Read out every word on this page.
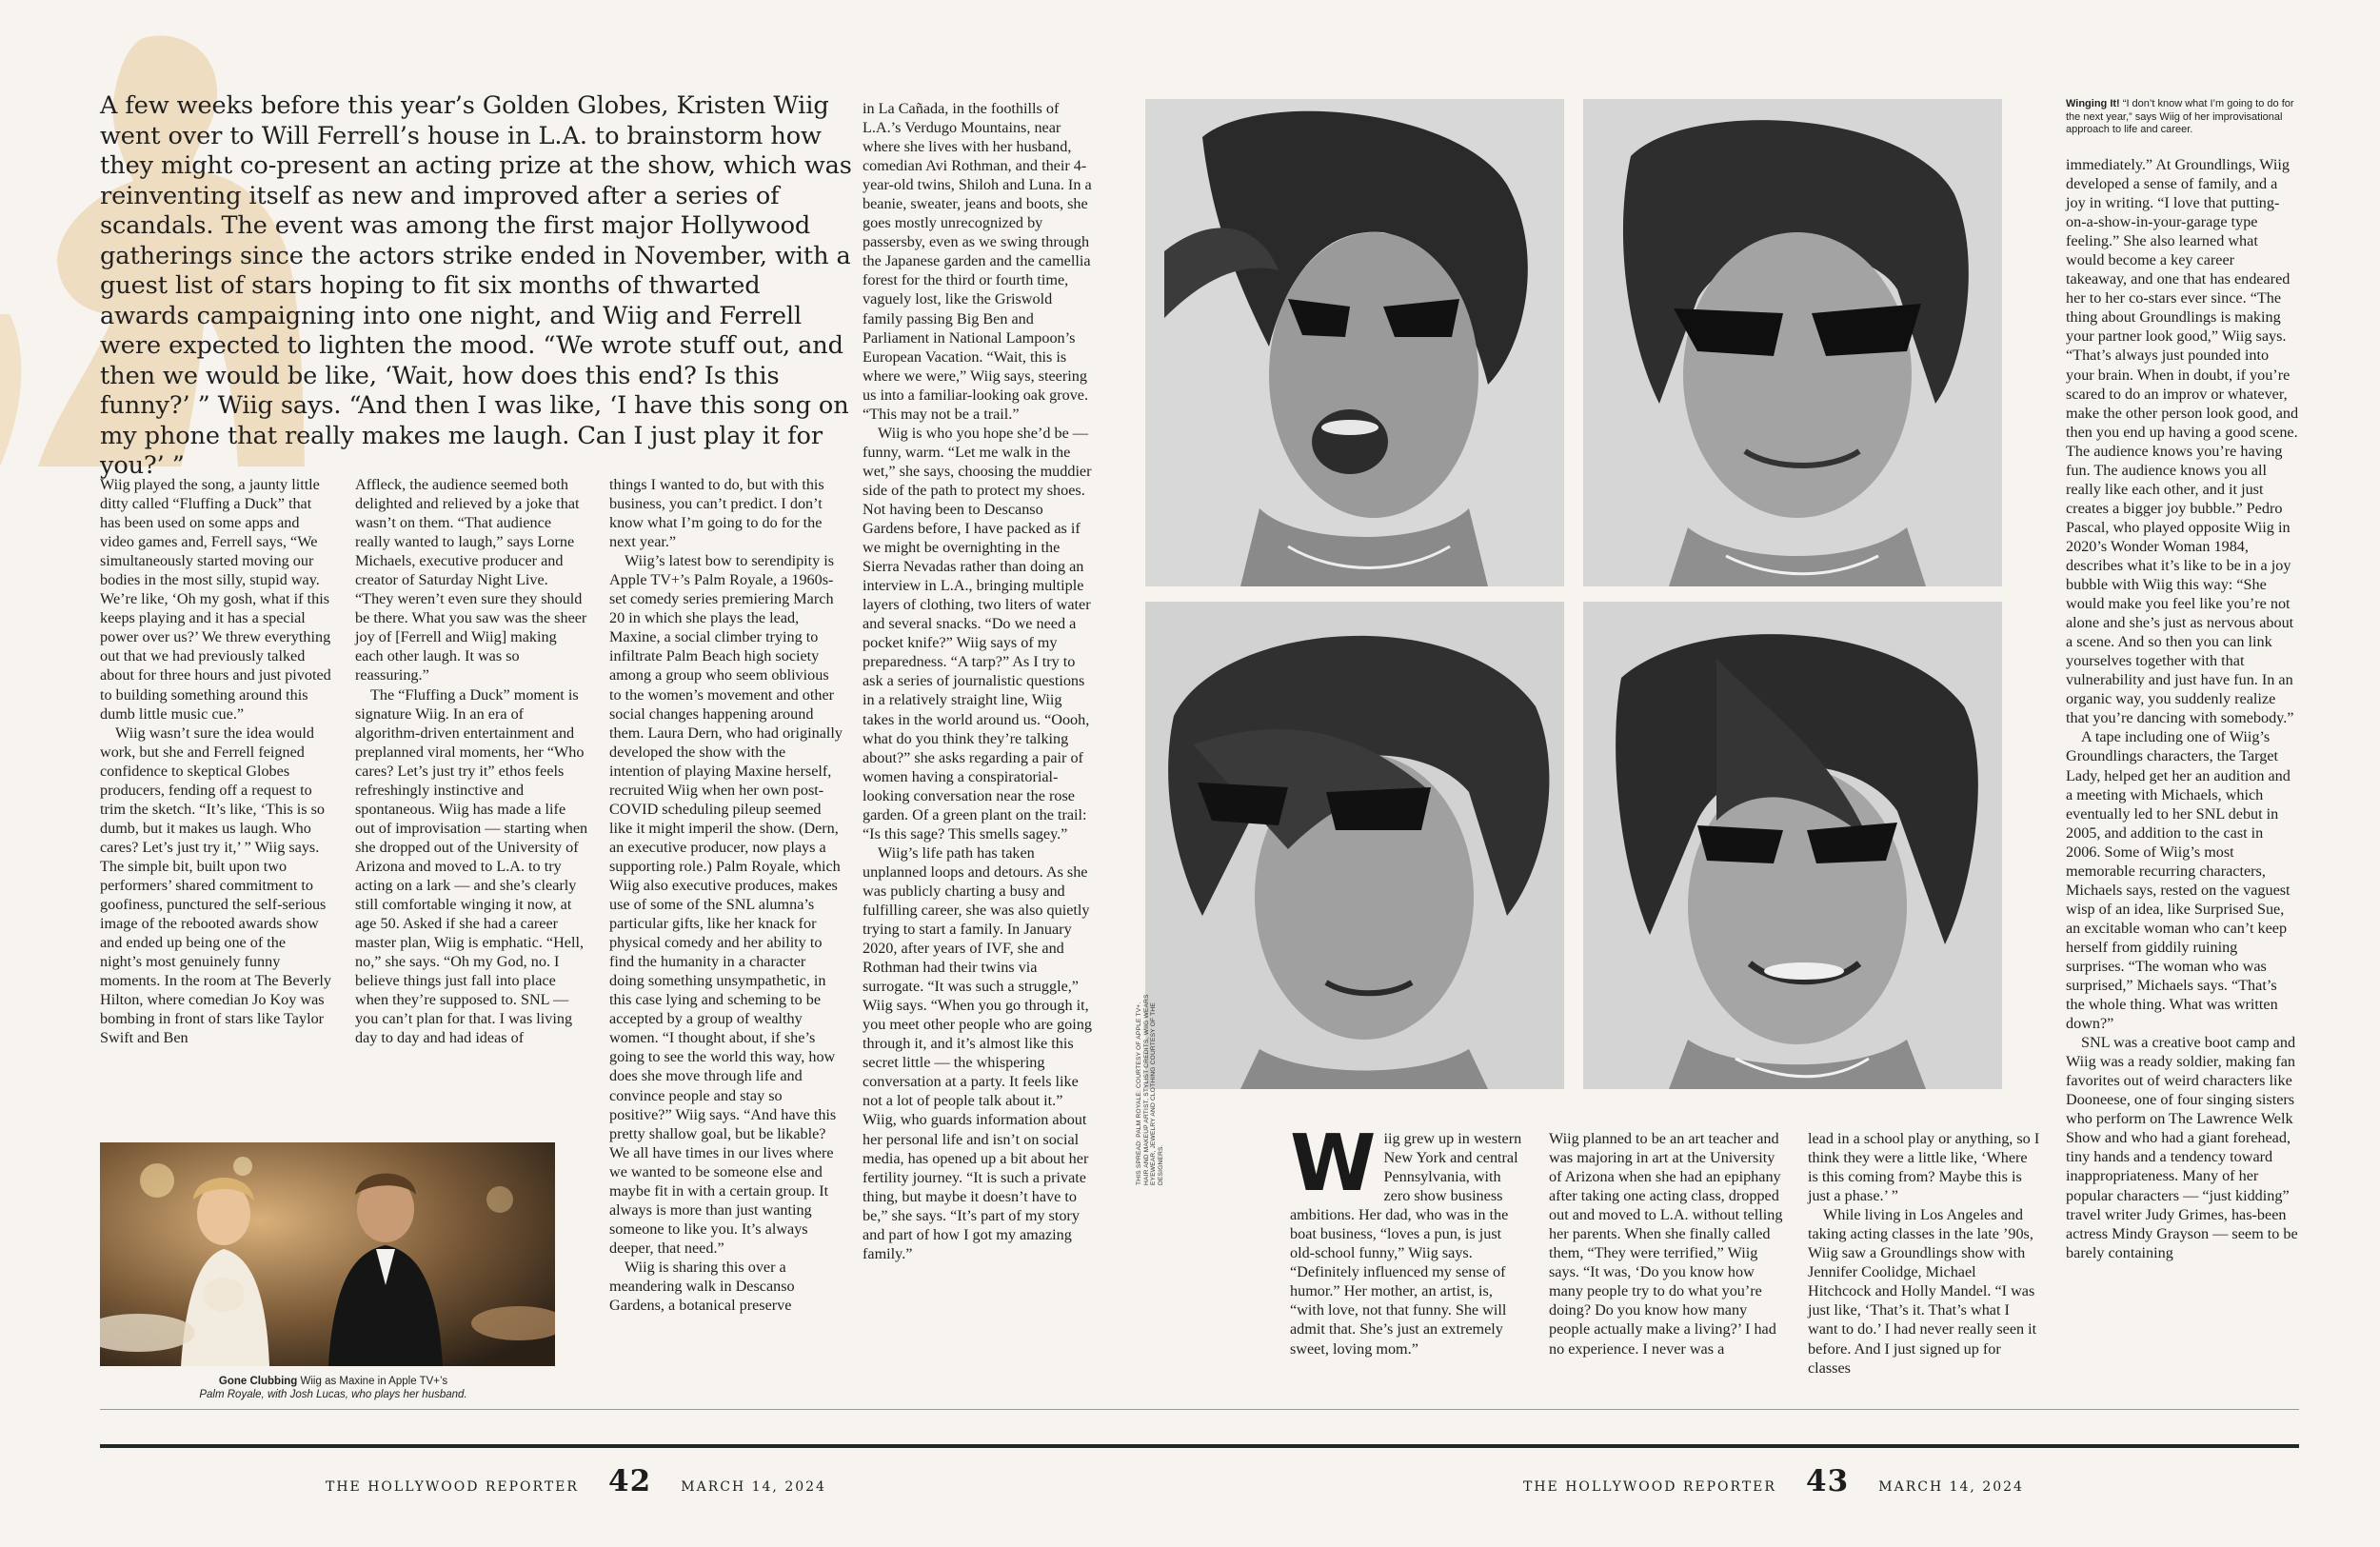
A few weeks before this year’s Golden Globes, Kristen Wiig went over to Will Ferrell’s house in L.A. to brainstorm how they might co-present an acting prize at the show, which was reinventing itself as new and improved after a series of scandals. The event was among the first major Hollywood gatherings since the actors strike ended in November, with a guest list of stars hoping to fit six months of thwarted awards campaigning into one night, and Wiig and Ferrell were expected to lighten the mood. “We wrote stuff out, and then we would be like, ‘Wait, how does this end? Is this funny?’ ” Wiig says. “And then I was like, ‘I have this song on my phone that really makes me laugh. Can I just play it for you?’ ”

Wiig played the song, a jaunty little ditty called “Fluffing a Duck” that has been used on some apps and video games and, Ferrell says, “We simultaneously started moving our bodies in the most silly, stupid way. We’re like, ‘Oh my gosh, what if this keeps playing and it has a special power over us?’ We threw everything out that we had previously talked about for three hours and just pivoted to building something around this dumb little music cue.”

Wiig wasn’t sure the idea would work, but she and Ferrell feigned confidence to skeptical Globes producers, fending off a request to trim the sketch. “It’s like, ‘This is so dumb, but it makes us laugh. Who cares? Let’s just try it,’ ” Wiig says. The simple bit, built upon two performers’ shared commitment to goofiness, punctured the self-serious image of the rebooted awards show and ended up being one of the night’s most genuinely funny moments. In the room at The Beverly Hilton, where comedian Jo Koy was bombing in front of stars like Taylor Swift and Ben

Affleck, the audience seemed both delighted and relieved by a joke that wasn’t on them. “That audience really wanted to laugh,” says Lorne Michaels, executive producer and creator of Saturday Night Live. “They weren’t even sure they should be there. What you saw was the sheer joy of [Ferrell and Wiig] making each other laugh. It was so reassuring.”

The “Fluffing a Duck” moment is signature Wiig. In an era of algorithm-driven entertainment and preplanned viral moments, her “Who cares? Let’s just try it” ethos feels refreshingly instinctive and spontaneous. Wiig has made a life out of improvisation — starting when she dropped out of the University of Arizona and moved to L.A. to try acting on a lark — and she’s clearly still comfortable winging it now, at age 50. Asked if she had a career master plan, Wiig is emphatic. “Hell, no,” she says. “Oh my God, no. I believe things just fall into place when they’re supposed to. SNL — you can’t plan for that. I was living day to day and had ideas of

things I wanted to do, but with this business, you can’t predict. I don’t know what I’m going to do for the next year.”

Wiig’s latest bow to serendipity is Apple TV+’s Palm Royale, a 1960s-set comedy series premiering March 20 in which she plays the lead, Maxine, a social climber trying to infiltrate Palm Beach high society among a group who seem oblivious to the women’s movement and other social changes happening around them. Laura Dern, who had originally developed the show with the intention of playing Maxine herself, recruited Wiig when her own post-COVID scheduling pileup seemed like it might imperil the show. (Dern, an executive producer, now plays a supporting role.) Palm Royale, which Wiig also executive produces, makes use of some of the SNL alumna’s particular gifts, like her knack for physical comedy and her ability to find the humanity in a character doing something unsympathetic, in this case lying and scheming to be accepted by a group of wealthy women. “I thought about, if she’s going to see the world this way, how does she move through life and convince people and stay so positive?” Wiig says. “And have this pretty shallow goal, but be likable? We all have times in our lives where we wanted to be someone else and maybe fit in with a certain group. It always is more than just wanting someone to like you. It’s always deeper, that need.”

Wiig is sharing this over a meandering walk in Descanso Gardens, a botanical preserve

in La Cañada, in the foothills of L.A.’s Verdugo Mountains, near where she lives with her husband, comedian Avi Rothman, and their 4-year-old twins, Shiloh and Luna. In a beanie, sweater, jeans and boots, she goes mostly unrecognized by passersby, even as we swing through the Japanese garden and the camellia forest for the third or fourth time, vaguely lost, like the Griswold family passing Big Ben and Parliament in National Lampoon’s European Vacation. “Wait, this is where we were,” Wiig says, steering us into a familiar-looking oak grove. “This may not be a trail.”

Wiig is who you hope she’d be — funny, warm. “Let me walk in the wet,” she says, choosing the muddier side of the path to protect my shoes. Not having been to Descanso Gardens before, I have packed as if we might be overnighting in the Sierra Nevadas rather than doing an interview in L.A., bringing multiple layers of clothing, two liters of water and several snacks. “Do we need a pocket knife?” Wiig says of my preparedness. “A tarp?” As I try to ask a series of journalistic questions in a relatively straight line, Wiig takes in the world around us. “Oooh, what do you think they’re talking about?” she asks regarding a pair of women having a conspiratorial-looking conversation near the rose garden. Of a green plant on the trail: “Is this sage? This smells sagey.”

Wiig’s life path has taken unplanned loops and detours. As she was publicly charting a busy and fulfilling career, she was also quietly trying to start a family. In January 2020, after years of IVF, she and Rothman had their twins via surrogate. “It was such a struggle,” Wiig says. “When you go through it, you meet other people who are going through it, and it’s almost like this secret little — the whispering conversation at a party. It feels like not a lot of people talk about it.” Wiig, who guards information about her personal life and isn’t on social media, has opened up a bit about her fertility journey. “It is such a private thing, but maybe it doesn’t have to be,” she says. “It’s part of my story and part of how I got my amazing family.”

Gone Clubbing Wiig as Maxine in Apple TV+’s
Palm Royale, with Josh Lucas, who plays her husband.
THIS SPREAD: PALM ROYALE: COURTESY OF APPLE TV+. HAIR AND MAKEUP ARTIST, STYLIST CREDITS, WIIG WEARS EYEWEAR, JEWELRY AND CLOTHING COURTESY OF THE DESIGNERS. Wiig grew up in western New York and central Pennsylvania, with zero show business ambitions. Her dad, who was in the boat business, “loves a pun, is just old-school funny,” Wiig says. “Definitely influenced my sense of humor.” Her mother, an artist, is, “with love, not that funny. She will admit that. She’s just an extremely sweet, loving mom.”

Wiig planned to be an art teacher and was majoring in art at the University of Arizona when she had an epiphany after taking one acting class, dropped out and moved to L.A. without telling her parents. When she finally called them, “They were terrified,” Wiig says. “It was, ‘Do you know how many people try to do what you’re doing? Do you know how many people actually make a living?’ I had no experience. I never was a

lead in a school play or anything, so I think they were a little like, ‘Where is this coming from? Maybe this is just a phase.’ ”

While living in Los Angeles and taking acting classes in the late ’90s, Wiig saw a Groundlings show with Jennifer Coolidge, Michael Hitchcock and Holly Mandel. “I was just like, ‘That’s it. That’s what I want to do.’ I had never really seen it before. And I just signed up for classes

Winging It! “I don’t know what I’m going to do for the next year,” says Wiig of her improvisational approach to life and career.

immediately.” At Groundlings, Wiig developed a sense of family, and a joy in writing. “I love that putting-on-a-show-in-your-garage type feeling.” She also learned what would become a key career takeaway, and one that has endeared her to her co-stars ever since. “The thing about Groundlings is making your partner look good,” Wiig says. “That’s always just pounded into your brain. When in doubt, if you’re scared to do an improv or whatever, make the other person look good, and then you end up having a good scene. The audience knows you’re having fun. The audience knows you all really like each other, and it just creates a bigger joy bubble.” Pedro Pascal, who played opposite Wiig in 2020’s Wonder Woman 1984, describes what it’s like to be in a joy bubble with Wiig this way: “She would make you feel like you’re not alone and she’s just as nervous about a scene. And so then you can link yourselves together with that vulnerability and just have fun. In an organic way, you suddenly realize that you’re dancing with somebody.”

A tape including one of Wiig’s Groundlings characters, the Target Lady, helped get her an audition and a meeting with Michaels, which eventually led to her SNL debut in 2005, and addition to the cast in 2006. Some of Wiig’s most memorable recurring characters, Michaels says, rested on the vaguest wisp of an idea, like Surprised Sue, an excitable woman who can’t keep herself from giddily ruining surprises. “The woman who was surprised,” Michaels says. “That’s the whole thing. What was written down?”

SNL was a creative boot camp and Wiig was a ready soldier, making fan favorites out of weird characters like Dooneese, one of four singing sisters who perform on The Lawrence Welk Show and who had a giant forehead, tiny hands and a tendency toward inappropriateness. Many of her popular characters — “just kidding” travel writer Judy Grimes, has-been actress Mindy Grayson — seem to be barely containing

THE HOLLYWOOD REPORTER 42 MARCH 14, 2024	THE HOLLYWOOD REPORTER 43 MARCH 14, 2024
